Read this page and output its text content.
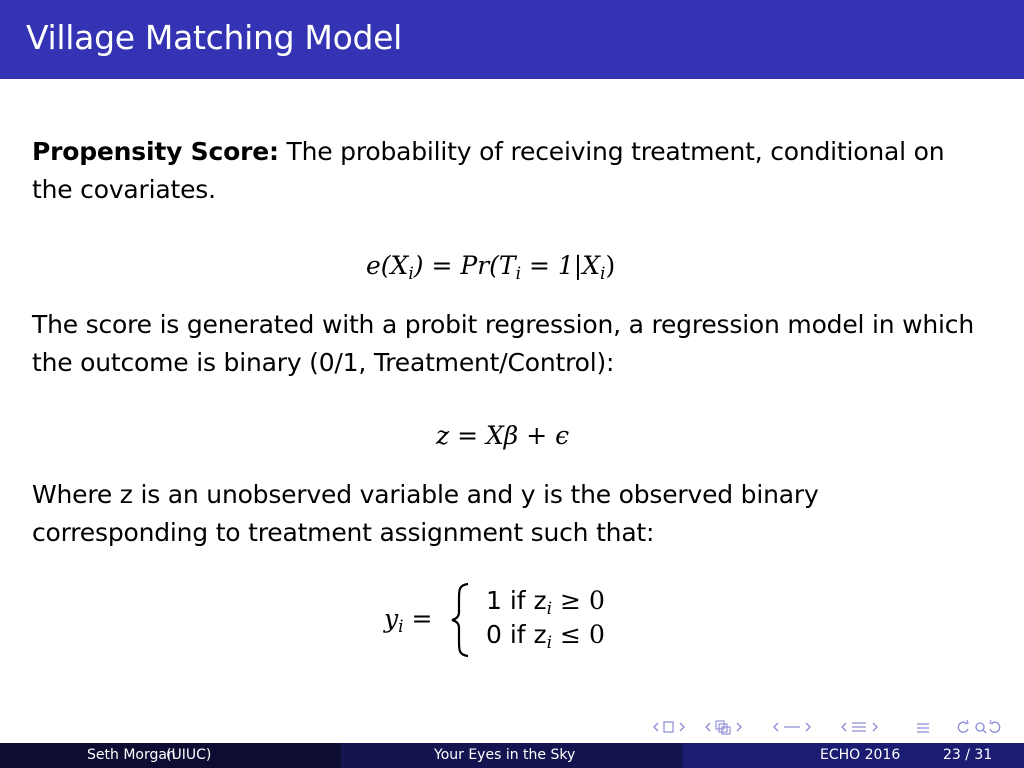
Village Matching Model

Propensity Score: The probability of receiving treatment, conditional on the covariates.

$e(X_i) = Pr(T_i = 1|X_i)$

The score is generated with a probit regression, a regression model in which the outcome is binary (0/1, Treatment/Control):

z = Xβ + ϵ

Where z is an unobserved variable and y is the observed binary corresponding to treatment assignment such that:

$y_i$ =
1 if $z_i \ge 0$
0 if $z_i \le 0$
Seth Morgan
(UIUC)	Your Eyes in the Sky	ECHO 2016	23 / 31
